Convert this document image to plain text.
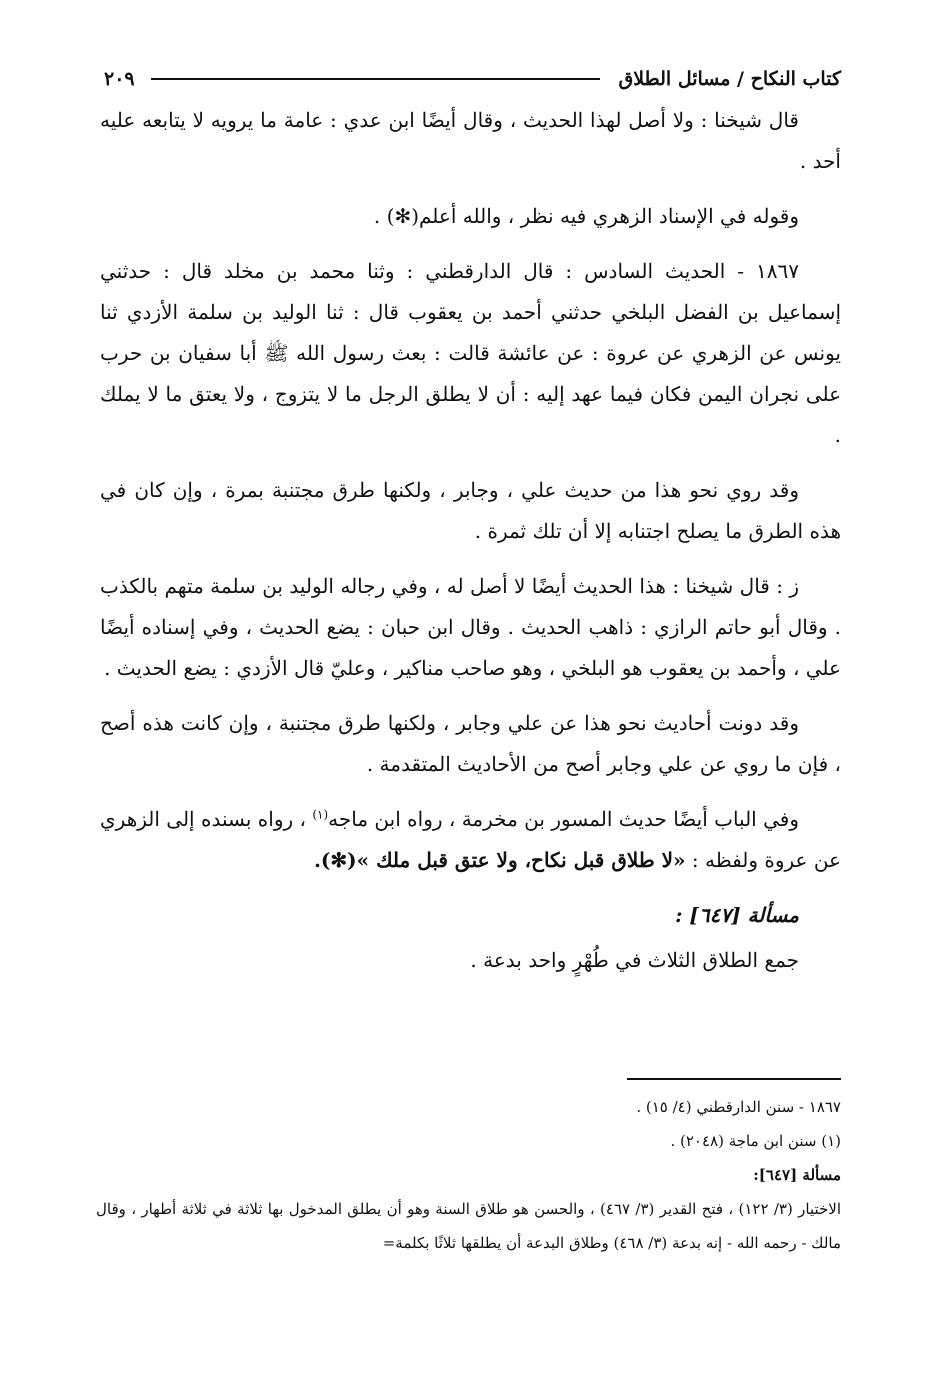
كتاب النكاح / مسائل الطلاق
٢٠٩

قال شيخنا : ولا أصل لهذا الحديث ، وقال أيضًا ابن عدي : عامة ما يرويه لا يتابعه عليه أحد .

وقوله في الإسناد الزهري فيه نظر ، والله أعلم(✻) .

١٨٦٧ - الحديث السادس : قال الدارقطني : وثنا محمد بن مخلد قال : حدثني إسماعيل بن الفضل البلخي حدثني أحمد بن يعقوب قال : ثنا الوليد بن سلمة الأزدي ثنا يونس عن الزهري عن عروة : عن عائشة قالت : بعث رسول الله ﷺ أبا سفيان بن حرب على نجران اليمن فكان فيما عهد إليه : أن لا يطلق الرجل ما لا يتزوج ، ولا يعتق ما لا يملك .

وقد روي نحو هذا من حديث علي ، وجابر ، ولكنها طرق مجتنبة بمرة ، وإن كان في هذه الطرق ما يصلح اجتنابه إلا أن تلك ثمرة .

ز : قال شيخنا : هذا الحديث أيضًا لا أصل له ، وفي رجاله الوليد بن سلمة متهم بالكذب . وقال أبو حاتم الرازي : ذاهب الحديث . وقال ابن حبان : يضع الحديث ، وفي إسناده أيضًا علي ، وأحمد بن يعقوب هو البلخي ، وهو صاحب مناكير ، وعليّ قال الأزدي : يضع الحديث .

وقد دونت أحاديث نحو هذا عن علي وجابر ، ولكنها طرق مجتنبة ، وإن كانت هذه أصح ، فإن ما روي عن علي وجابر أصح من الأحاديث المتقدمة .

وفي الباب أيضًا حديث المسور بن مخرمة ، رواه ابن ماجه$^{(١)}$ ، رواه بسنده إلى الزهري عن عروة ولفظه : «لا طلاق قبل نكاح، ولا عتق قبل ملك »(✻).

مسألة [٦٤٧] :

جمع الطلاق الثلاث في طُهْرٍ واحد بدعة .

١٨٦٧ - سنن الدارقطني (٤/ ١٥) .
(١) سنن ابن ماجة (٢٠٤٨) .
مسألة [٦٤٧]:
الاختيار (٣/ ١٢٢) ، فتح القدير (٣/ ٤٦٧) ، والحسن هو طلاق السنة وهو أن يطلق المدخول بها ثلاثة في ثلاثة أطهار ، وقال مالك - رحمه الله - إنه بدعة (٣/ ٤٦٨) وطلاق البدعة أن يطلقها ثلاثًا بكلمة=
